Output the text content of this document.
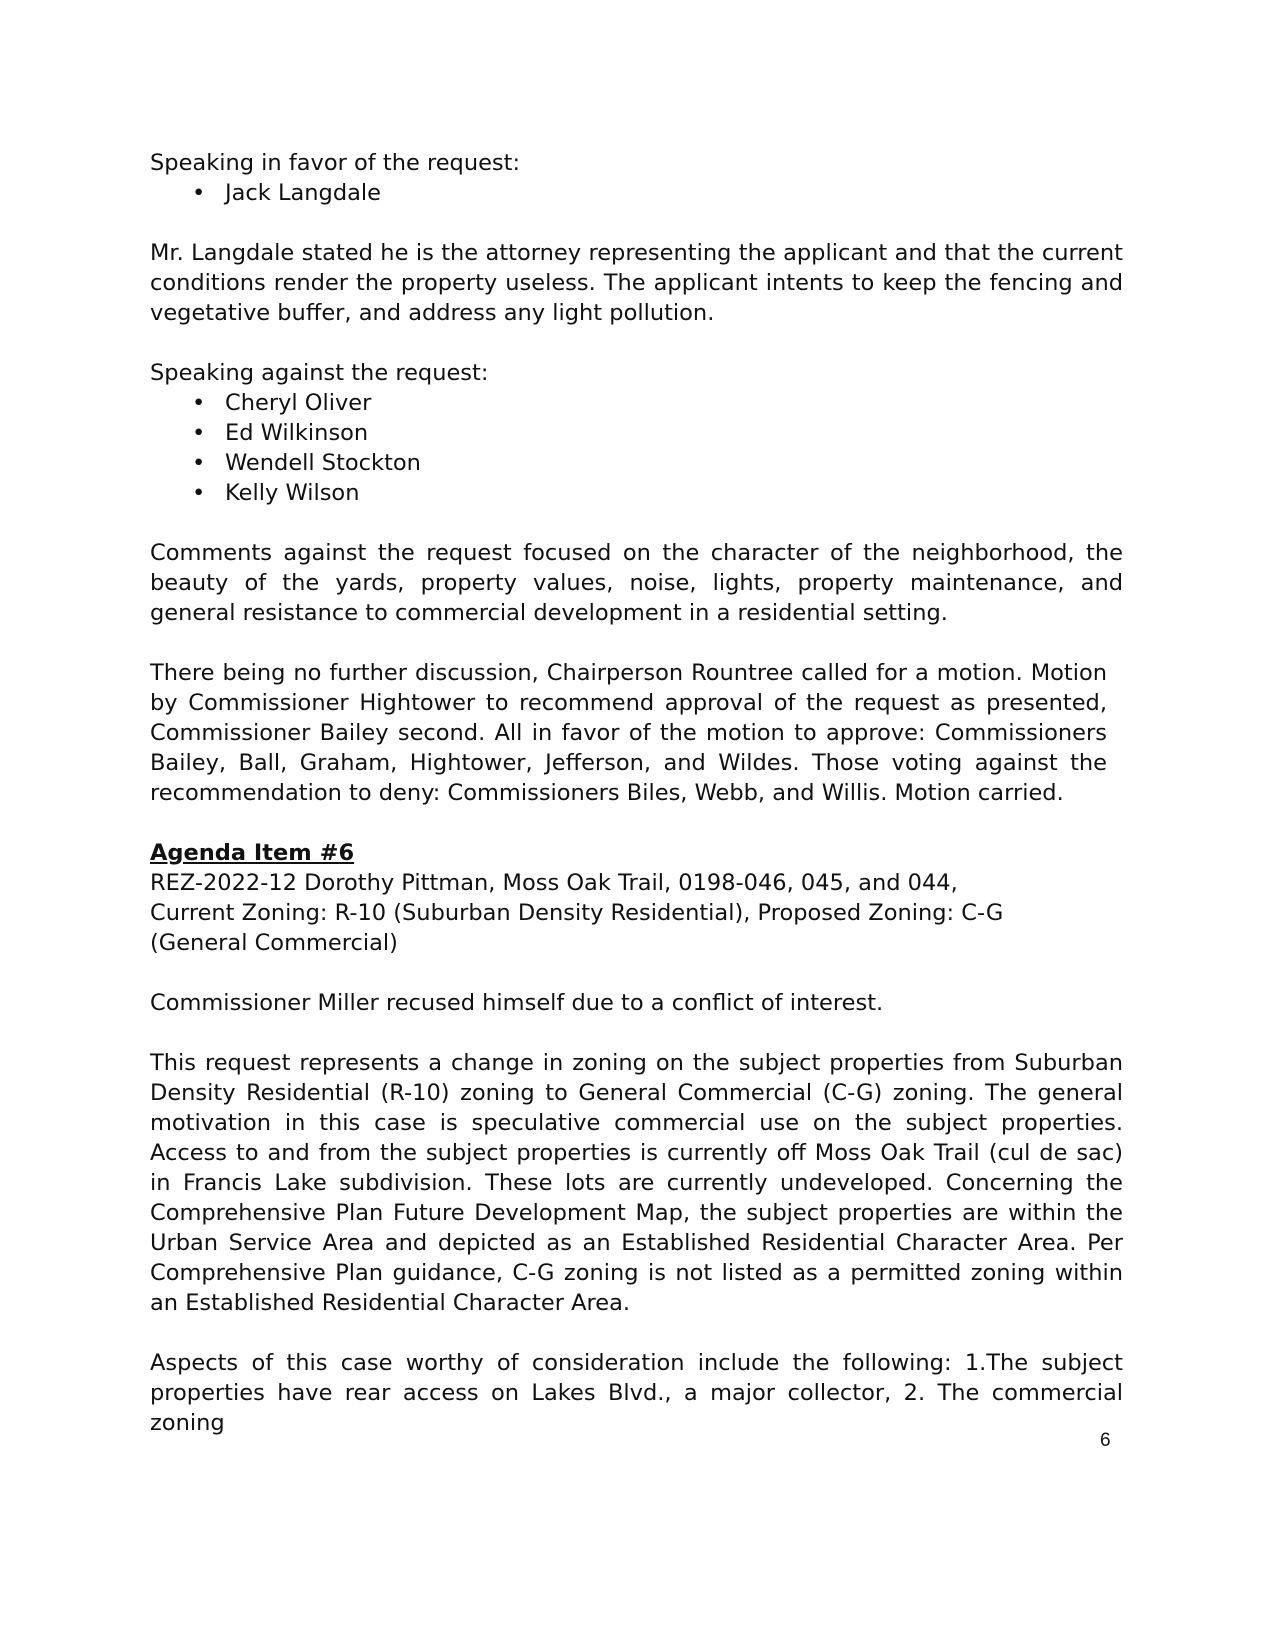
Speaking in favor of the request:

• Jack Langdale

Mr. Langdale stated he is the attorney representing the applicant and that the current conditions render the property useless. The applicant intents to keep the fencing and vegetative buffer, and address any light pollution.

Speaking against the request:

• Cheryl Oliver
• Ed Wilkinson
• Wendell Stockton
• Kelly Wilson

Comments against the request focused on the character of the neighborhood, the beauty of the yards, property values, noise, lights, property maintenance, and general resistance to commercial development in a residential setting.

There being no further discussion, Chairperson Rountree called for a motion. Motion by Commissioner Hightower to recommend approval of the request as presented, Commissioner Bailey second. All in favor of the motion to approve: Commissioners Bailey, Ball, Graham, Hightower, Jefferson, and Wildes. Those voting against the recommendation to deny: Commissioners Biles, Webb, and Willis. Motion carried.

Agenda Item #6

REZ-2022-12 Dorothy Pittman, Moss Oak Trail, 0198-046, 045, and 044, Current Zoning: R-10 (Suburban Density Residential), Proposed Zoning: C-G (General Commercial)

Commissioner Miller recused himself due to a conflict of interest.

This request represents a change in zoning on the subject properties from Suburban Density Residential (R-10) zoning to General Commercial (C-G) zoning. The general motivation in this case is speculative commercial use on the subject properties. Access to and from the subject properties is currently off Moss Oak Trail (cul de sac) in Francis Lake subdivision. These lots are currently undeveloped. Concerning the Comprehensive Plan Future Development Map, the subject properties are within the Urban Service Area and depicted as an Established Residential Character Area. Per Comprehensive Plan guidance, C-G zoning is not listed as a permitted zoning within an Established Residential Character Area.

Aspects of this case worthy of consideration include the following: 1.The subject properties have rear access on Lakes Blvd., a major collector, 2. The commercial zoning

6
